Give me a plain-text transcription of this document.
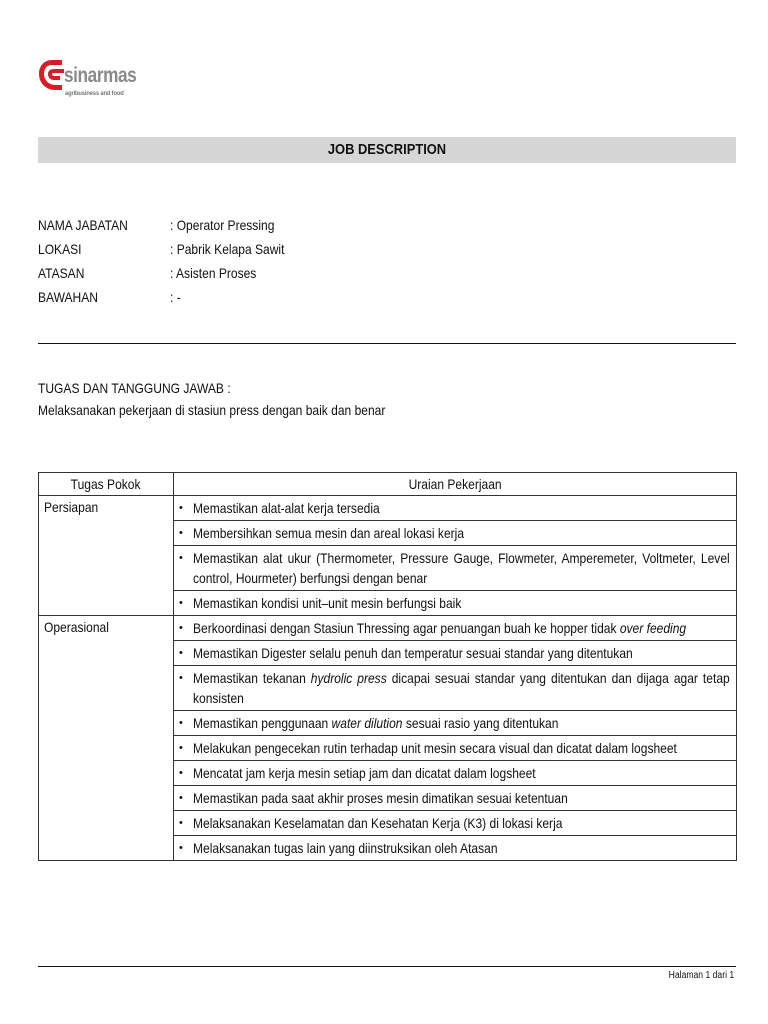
sinarmas
agribusiness and food
JOB DESCRIPTION
NAMA JABATAN	: Operator Pressing
LOKASI	: Pabrik Kelapa Sawit
ATASAN	: Asisten Proses
BAWAHAN	: -
TUGAS DAN TANGGUNG JAWAB :
Melaksanakan pekerjaan di stasiun press dengan baik dan benar
Tugas Pokok	Uraian Pekerjaan
Persiapan	• Memastikan alat-alat kerja tersedia

	• Membersihkan semua mesin dan areal lokasi kerja

	• Memastikan alat ukur (Thermometer, Pressure Gauge, Flowmeter, Amperemeter, Voltmeter, Level control, Hourmeter) berfungsi dengan benar

	• Memastikan kondisi unit–unit mesin berfungsi baik

Operasional	• Berkoordinasi dengan Stasiun Thressing agar penuangan buah ke hopper tidak over feeding

	• Memastikan Digester selalu penuh dan temperatur sesuai standar yang ditentukan

	• Memastikan tekanan hydrolic press dicapai sesuai standar yang ditentukan dan dijaga agar tetap konsisten

	• Memastikan penggunaan water dilution sesuai rasio yang ditentukan

	• Melakukan pengecekan rutin terhadap unit mesin secara visual dan dicatat dalam logsheet

	• Mencatat jam kerja mesin setiap jam dan dicatat dalam logsheet

	• Memastikan pada saat akhir proses mesin dimatikan sesuai ketentuan

	• Melaksanakan Keselamatan dan Kesehatan Kerja (K3) di lokasi kerja

	• Melaksanakan tugas lain yang diinstruksikan oleh Atasan
Halaman 1 dari 1
